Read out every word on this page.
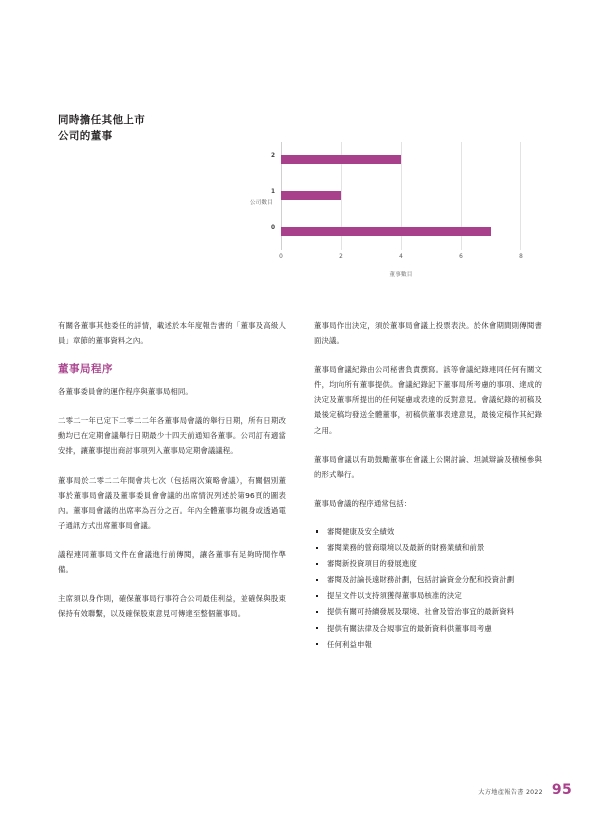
同時擔任其他上市
公司的董事
公司數目
2
1
0
0	2	4	6	8
董事數目

有關各董事其他委任的詳情，載述於本年度報告書的「董事及高級人員」章節的董事資料之內。

董事局程序

各董事委員會的運作程序與董事局相同。

二零二一年已定下二零二二年各董事局會議的舉行日期，所有日期改動均已在定期會議舉行日期最少十四天前通知各董事。公司訂有適當安排，讓董事提出商討事項列入董事局定期會議議程。

董事局於二零二二年間會共七次（包括兩次策略會議），有關個別董事於董事局會議及董事委員會會議的出席情況列述於第96頁的圖表內。董事局會議的出席率為百分之百。年內全體董事均親身或透過電子通訊方式出席董事局會議。

議程連同董事局文件在會議進行前傳閱，讓各董事有足夠時間作準備。

主席須以身作則，確保董事局行事符合公司最佳利益，並確保與股東保持有效聯繫，以及確保股東意見可傳達至整個董事局。

董事局作出決定，須於董事局會議上投票表決。於休會期間則傳閱書面決議。

董事局會議紀錄由公司秘書負責撰寫。該等會議紀錄連同任何有關文件，均向所有董事提供。會議紀錄記下董事局所考慮的事項、達成的決定及董事所提出的任何疑慮或表達的反對意見。會議紀錄的初稿及最後定稿均發送全體董事，初稿供董事表達意見，最後定稿作其紀錄之用。

董事局會議以有助鼓勵董事在會議上公開討論、坦誠辯論及積極參與的形式舉行。

董事局會議的程序通常包括：

審閱健康及安全績效
審閱業務的營商環境以及最新的財務業績和前景
審閱新投資項目的發展進度
審閱及討論長遠財務計劃，包括討論資金分配和投資計劃
提呈文件以支持須獲得董事局核准的決定
提供有關可持續發展及環境、社會及管治事宜的最新資料
提供有關法律及合規事宜的最新資料供董事局考慮
任何利益申報
大方地產報告書 2022 95
